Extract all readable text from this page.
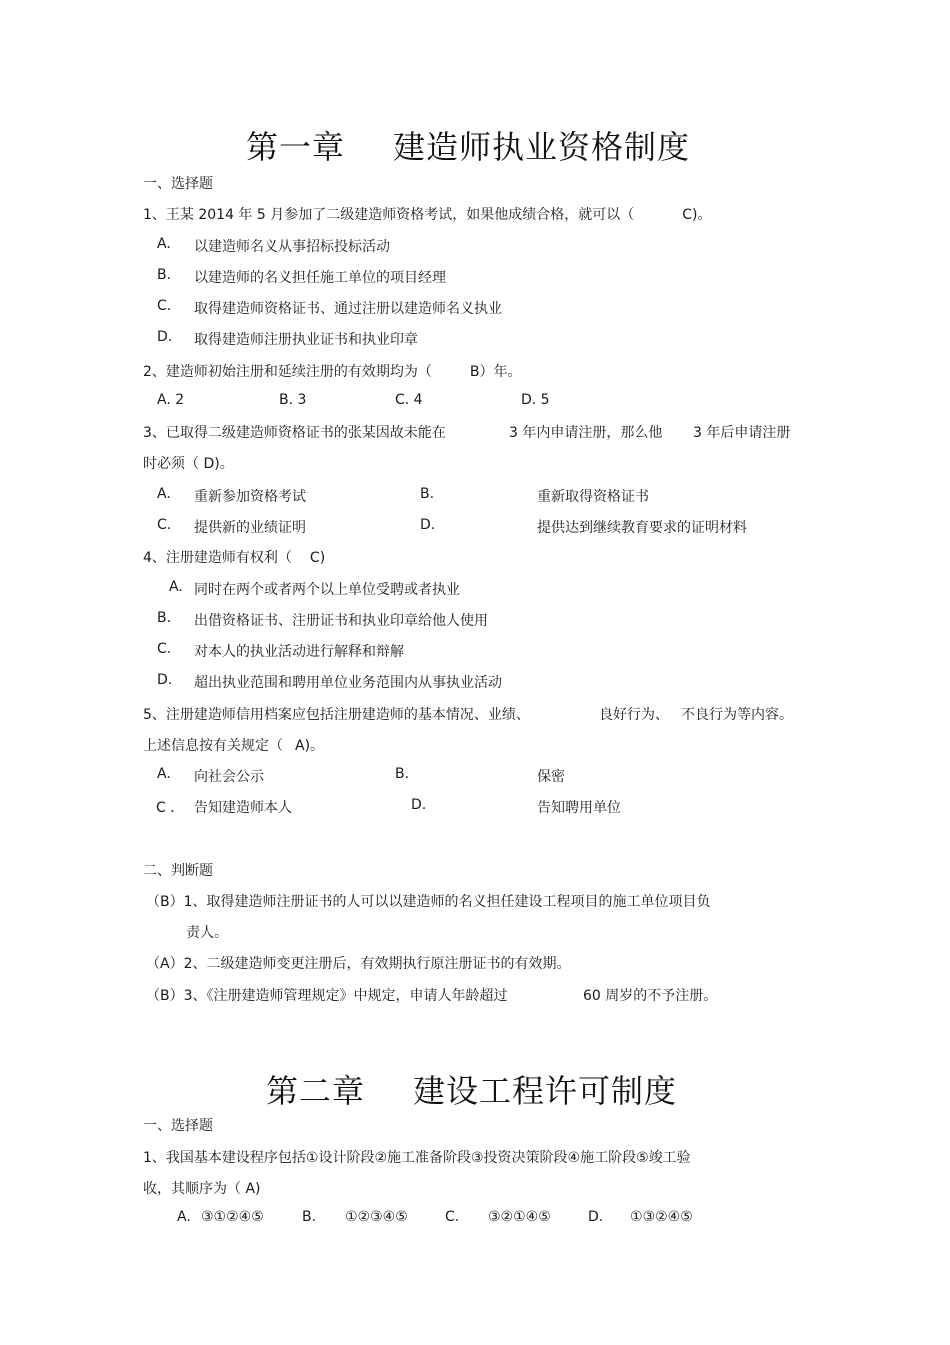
第一章 建造师执业资格制度
一、选择题
1、王某 2014 年 5 月参加了二级建造师资格考试，如果他成绩合格，就可以（	C)。
A. 以建造师名义从事招标投标活动
B. 以建造师的名义担任施工单位的项目经理
C. 取得建造师资格证书、通过注册以建造师名义执业
D. 取得建造师注册执业证书和执业印章
2、建造师初始注册和延续注册的有效期均为（	B）年。
A. 2	B. 3	C. 4	D. 5
3、已取得二级建造师资格证书的张某因故未能在	3 年内申请注册，那么他 3 年后申请注册
时必须（ D)。
A. 重新参加资格考试	B.	重新取得资格证书
C. 提供新的业绩证明	D.	提供达到继续教育要求的证明材料
4、注册建造师有权利（ C)
A. 同时在两个或者两个以上单位受聘或者执业
B. 出借资格证书、注册证书和执业印章给他人使用
C. 对本人的执业活动进行解释和辩解
D. 超出执业范围和聘用单位业务范围内从事执业活动
5、注册建造师信用档案应包括注册建造师的基本情况、业绩、	良好行为、 不良行为等内容。
上述信息按有关规定（ A)。
A. 向社会公示	B.	保密
C ． 告知建造师本人	D.	告知聘用单位
二、判断题
（B）1、取得建造师注册证书的人可以以建造师的名义担任建设工程项目的施工单位项目负
责人。
（A）2、二级建造师变更注册后，有效期执行原注册证书的有效期。
（B）3、《注册建造师管理规定》中规定，申请人年龄超过	60 周岁的不予注册。
第二章 建设工程许可制度
一、选择题
1、我国基本建设程序包括①设计阶段②施工准备阶段③投资决策阶段④施工阶段⑤竣工验
收，其顺序为（ A)
A. ③①②④⑤	B. ①②③④⑤	C. ③②①④⑤	D. ①③②④⑤
